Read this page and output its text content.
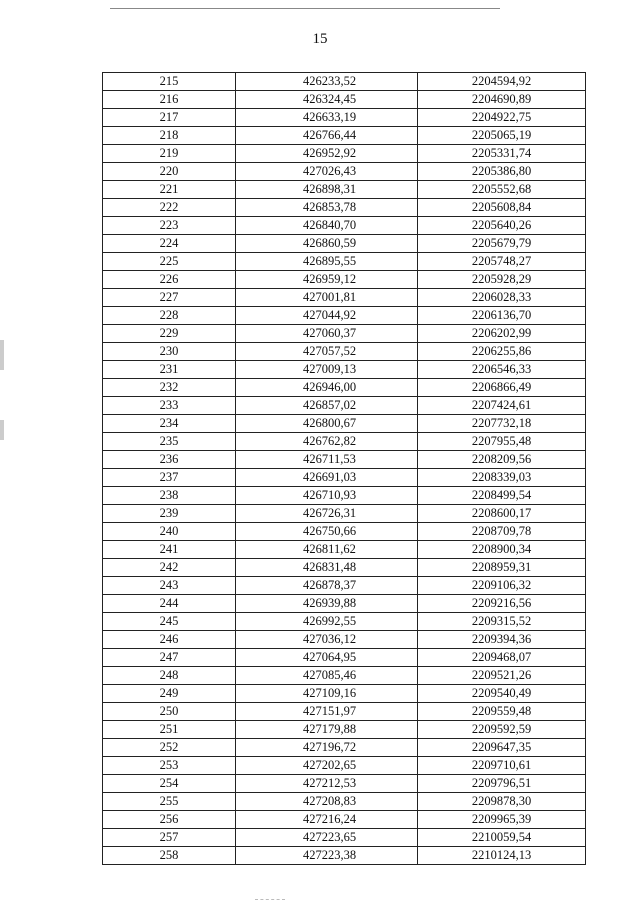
15
215	426233,52	2204594,92
216	426324,45	2204690,89
217	426633,19	2204922,75
218	426766,44	2205065,19
219	426952,92	2205331,74
220	427026,43	2205386,80
221	426898,31	2205552,68
222	426853,78	2205608,84
223	426840,70	2205640,26
224	426860,59	2205679,79
225	426895,55	2205748,27
226	426959,12	2205928,29
227	427001,81	2206028,33
228	427044,92	2206136,70
229	427060,37	2206202,99
230	427057,52	2206255,86
231	427009,13	2206546,33
232	426946,00	2206866,49
233	426857,02	2207424,61
234	426800,67	2207732,18
235	426762,82	2207955,48
236	426711,53	2208209,56
237	426691,03	2208339,03
238	426710,93	2208499,54
239	426726,31	2208600,17
240	426750,66	2208709,78
241	426811,62	2208900,34
242	426831,48	2208959,31
243	426878,37	2209106,32
244	426939,88	2209216,56
245	426992,55	2209315,52
246	427036,12	2209394,36
247	427064,95	2209468,07
248	427085,46	2209521,26
249	427109,16	2209540,49
250	427151,97	2209559,48
251	427179,88	2209592,59
252	427196,72	2209647,35
253	427202,65	2209710,61
254	427212,53	2209796,51
255	427208,83	2209878,30
256	427216,24	2209965,39
257	427223,65	2210059,54
258	427223,38	2210124,13
